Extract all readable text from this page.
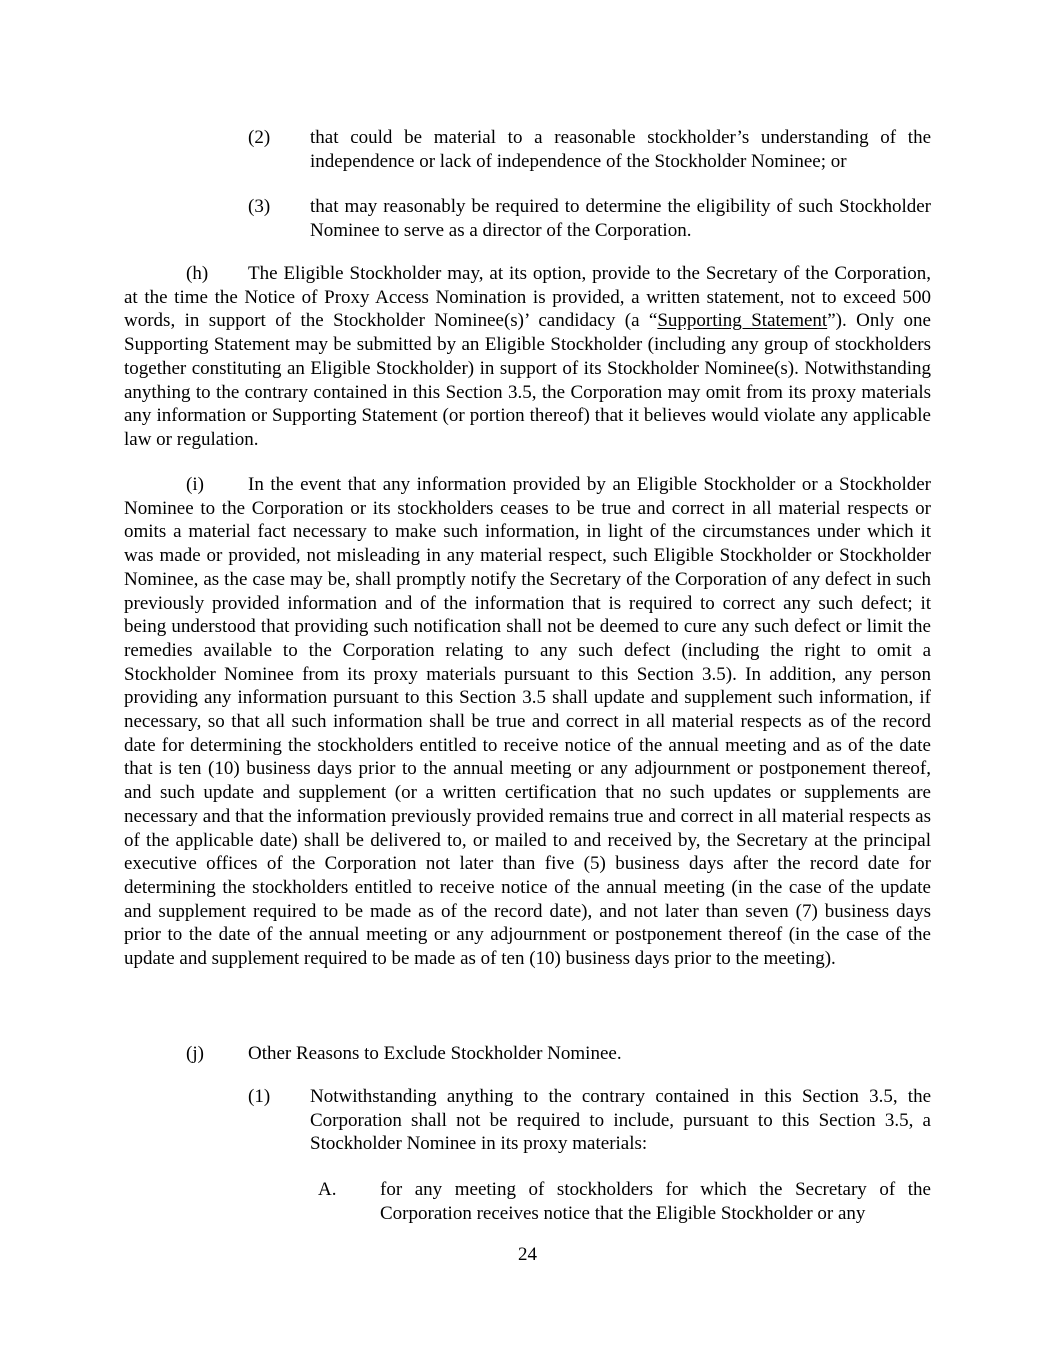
(2) that could be material to a reasonable stockholder’s understanding of the independence or lack of independence of the Stockholder Nominee; or
(3) that may reasonably be required to determine the eligibility of such Stockholder Nominee to serve as a director of the Corporation.

(h) The Eligible Stockholder may, at its option, provide to the Secretary of the Corporation, at the time the Notice of Proxy Access Nomination is provided, a written statement, not to exceed 500 words, in support of the Stockholder Nominee(s)’ candidacy (a “Supporting Statement”). Only one Supporting Statement may be submitted by an Eligible Stockholder (including any group of stockholders together constituting an Eligible Stockholder) in support of its Stockholder Nominee(s). Notwithstanding anything to the contrary contained in this Section 3.5, the Corporation may omit from its proxy materials any information or Supporting Statement (or portion thereof) that it believes would violate any applicable law or regulation.

(i) In the event that any information provided by an Eligible Stockholder or a Stockholder Nominee to the Corporation or its stockholders ceases to be true and correct in all material respects or omits a material fact necessary to make such information, in light of the circumstances under which it was made or provided, not misleading in any material respect, such Eligible Stockholder or Stockholder Nominee, as the case may be, shall promptly notify the Secretary of the Corporation of any defect in such previously provided information and of the information that is required to correct any such defect; it being understood that providing such notification shall not be deemed to cure any such defect or limit the remedies available to the Corporation relating to any such defect (including the right to omit a Stockholder Nominee from its proxy materials pursuant to this Section 3.5). In addition, any person providing any information pursuant to this Section 3.5 shall update and supplement such information, if necessary, so that all such information shall be true and correct in all material respects as of the record date for determining the stockholders entitled to receive notice of the annual meeting and as of the date that is ten (10) business days prior to the annual meeting or any adjournment or postponement thereof, and such update and supplement (or a written certification that no such updates or supplements are necessary and that the information previously provided remains true and correct in all material respects as of the applicable date) shall be delivered to, or mailed to and received by, the Secretary at the principal executive offices of the Corporation not later than five (5) business days after the record date for determining the stockholders entitled to receive notice of the annual meeting (in the case of the update and supplement required to be made as of the record date), and not later than seven (7) business days prior to the date of the annual meeting or any adjournment or postponement thereof (in the case of the update and supplement required to be made as of ten (10) business days prior to the meeting).

(j) Other Reasons to Exclude Stockholder Nominee.
(1) Notwithstanding anything to the contrary contained in this Section 3.5, the Corporation shall not be required to include, pursuant to this Section 3.5, a Stockholder Nominee in its proxy materials:
A. for any meeting of stockholders for which the Secretary of the Corporation receives notice that the Eligible Stockholder or any
24
